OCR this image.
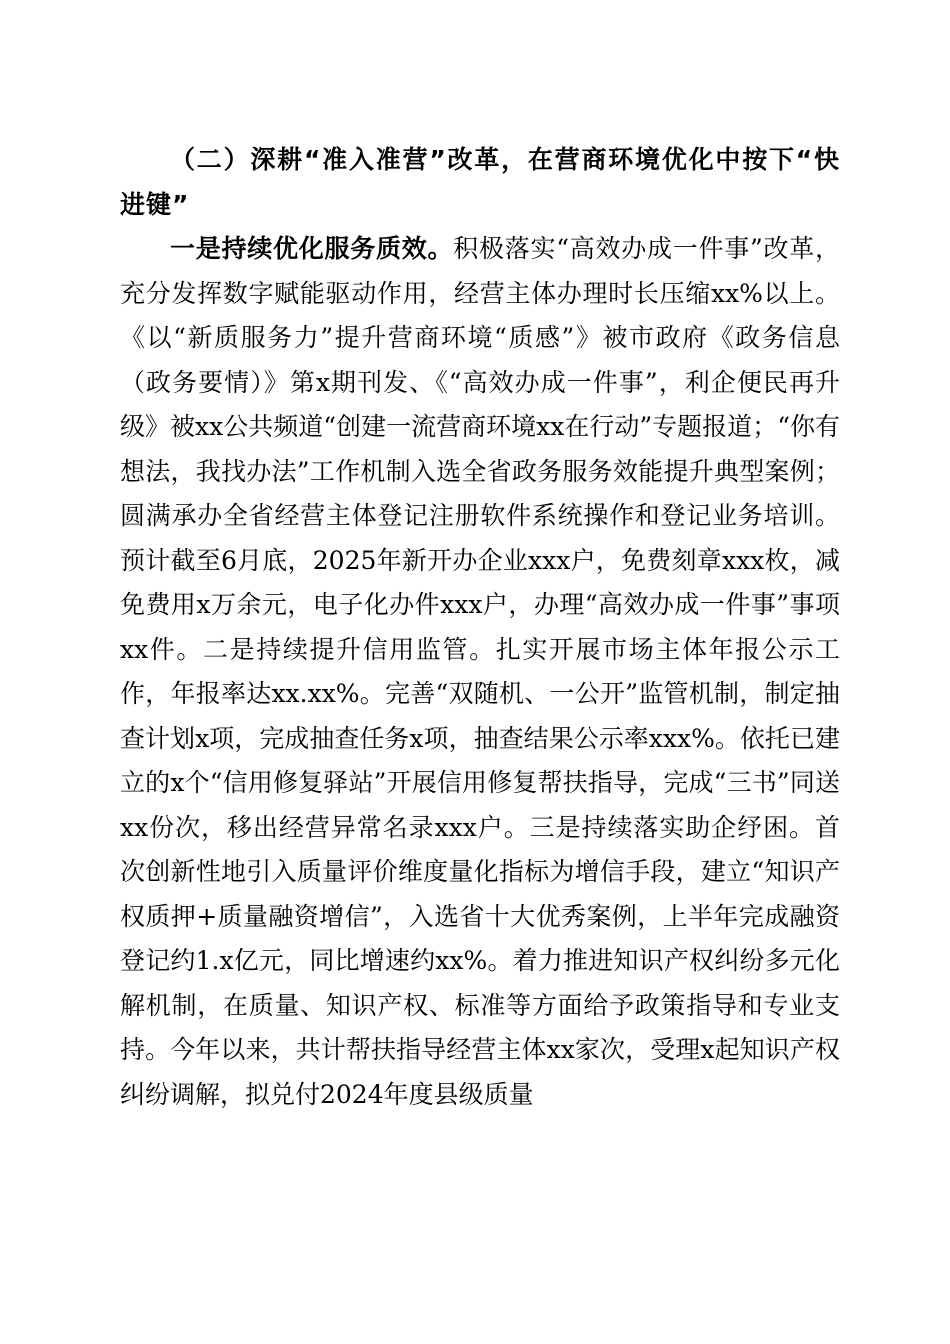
（二）深耕“准入准营”改革，在营商环境优化中按下“快进键”

一是持续优化服务质效。积极落实“高效办成一件事”改革，充分发挥数字赋能驱动作用，经营主体办理时长压缩xx%以上。《以“新质服务力”提升营商环境“质感”》被市政府《政务信息（政务要情）》第x期刊发、《“高效办成一件事”，利企便民再升级》被xx公共频道“创建一流营商环境xx在行动”专题报道；“你有想法，我找办法”工作机制入选全省政务服务效能提升典型案例；圆满承办全省经营主体登记注册软件系统操作和登记业务培训。预计截至6月底，2025年新开办企业xxx户，免费刻章xxx枚，减免费用x万余元，电子化办件xxx户，办理“高效办成一件事”事项xx件。二是持续提升信用监管。扎实开展市场主体年报公示工作，年报率达xx.xx%。完善“双随机、一公开”监管机制，制定抽查计划x项，完成抽查任务x项，抽查结果公示率xxx%。依托已建立的x个“信用修复驿站”开展信用修复帮扶指导，完成“三书”同送xx份次，移出经营异常名录xxx户。三是持续落实助企纾困。首次创新性地引入质量评价维度量化指标为增信手段，建立“知识产权质押+质量融资增信”，入选省十大优秀案例，上半年完成融资登记约1.x亿元，同比增速约xx%。着力推进知识产权纠纷多元化解机制，在质量、知识产权、标准等方面给予政策指导和专业支持。今年以来，共计帮扶指导经营主体xx家次，受理x起知识产权纠纷调解，拟兑付2024年度县级质量
